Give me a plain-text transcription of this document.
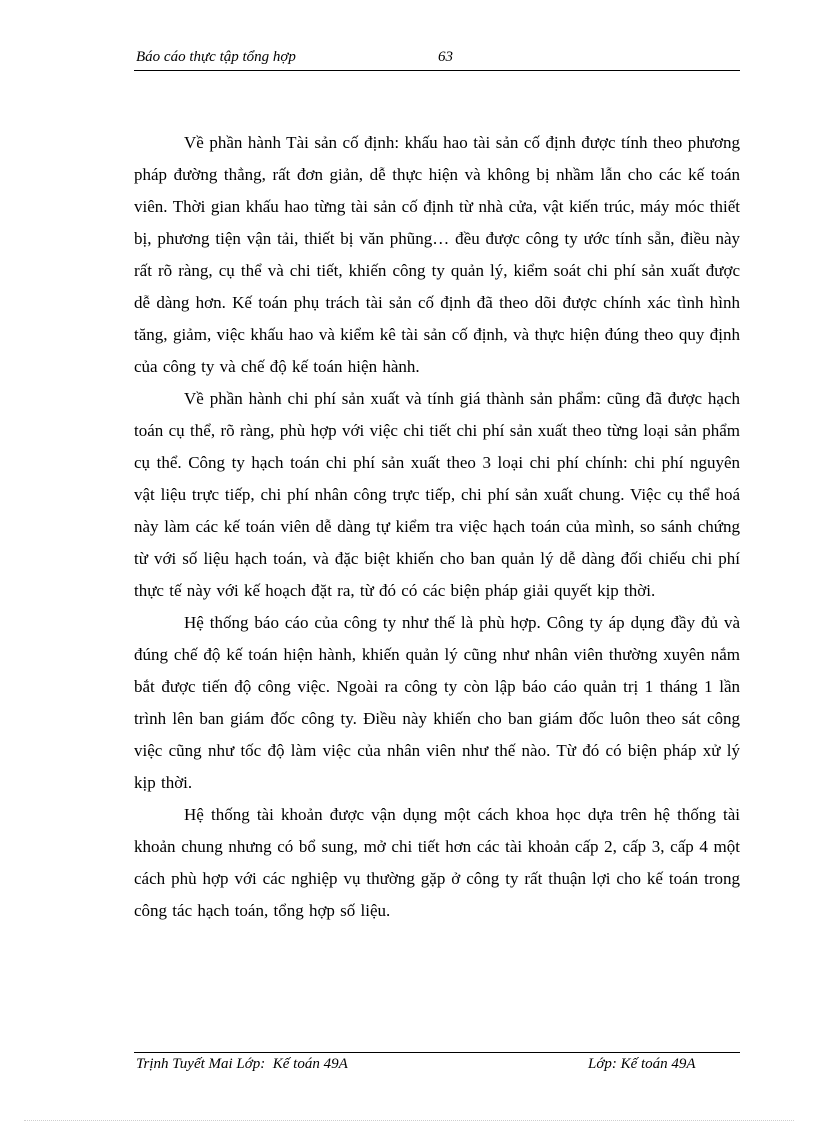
Báo cáo thực tập tổng hợp	63

Về phần hành Tài sản cố định: khấu hao tài sản cố định được tính theo phương pháp đường thẳng, rất đơn giản, dễ thực hiện và không bị nhầm lẫn cho các kế toán viên. Thời gian khấu hao từng tài sản cố định từ nhà cửa, vật kiến trúc, máy móc thiết bị, phương tiện vận tải, thiết bị văn phũng… đều được công ty ước tính sẵn, điều này rất rõ ràng, cụ thể và chi tiết, khiến công ty quản lý, kiểm soát chi phí sản xuất được dễ dàng hơn. Kế toán phụ trách tài sản cố định đã theo dõi được chính xác tình hình tăng, giảm, việc khấu hao và kiểm kê tài sản cố định, và thực hiện đúng theo quy định của công ty và chế độ kế toán hiện hành.

Về phần hành chi phí sản xuất và tính giá thành sản phẩm: cũng đã được hạch toán cụ thể, rõ ràng, phù hợp với việc chi tiết chi phí sản xuất theo từng loại sản phẩm cụ thể. Công ty hạch toán chi phí sản xuất theo 3 loại chi phí chính: chi phí nguyên vật liệu trực tiếp, chi phí nhân công trực tiếp, chi phí sản xuất chung. Việc cụ thể hoá này làm các kế toán viên dễ dàng tự kiểm tra việc hạch toán của mình, so sánh chứng từ với số liệu hạch toán, và đặc biệt khiến cho ban quản lý dễ dàng đối chiếu chi phí thực tế này với kế hoạch đặt ra, từ đó có các biện pháp giải quyết kịp thời.

Hệ thống báo cáo của công ty như thế là phù hợp. Công ty áp dụng đầy đủ và đúng chế độ kế toán hiện hành, khiến quản lý cũng như nhân viên thường xuyên nắm bắt được tiến độ công việc. Ngoài ra công ty còn lập báo cáo quản trị 1 tháng 1 lần trình lên ban giám đốc công ty. Điều này khiến cho ban giám đốc luôn theo sát công việc cũng như tốc độ làm việc của nhân viên như thế nào. Từ đó có biện pháp xử lý kịp thời.

Hệ thống tài khoản được vận dụng một cách khoa học dựa trên hệ thống tài khoản chung nhưng có bổ sung, mở chi tiết hơn các tài khoản cấp 2, cấp 3, cấp 4 một cách phù hợp với các nghiệp vụ thường gặp ở công ty rất thuận lợi cho kế toán trong công tác hạch toán, tổng hợp số liệu.

Trịnh Tuyết Mai Lớp:  Kế toán 49A	Lớp: Kế toán 49A
